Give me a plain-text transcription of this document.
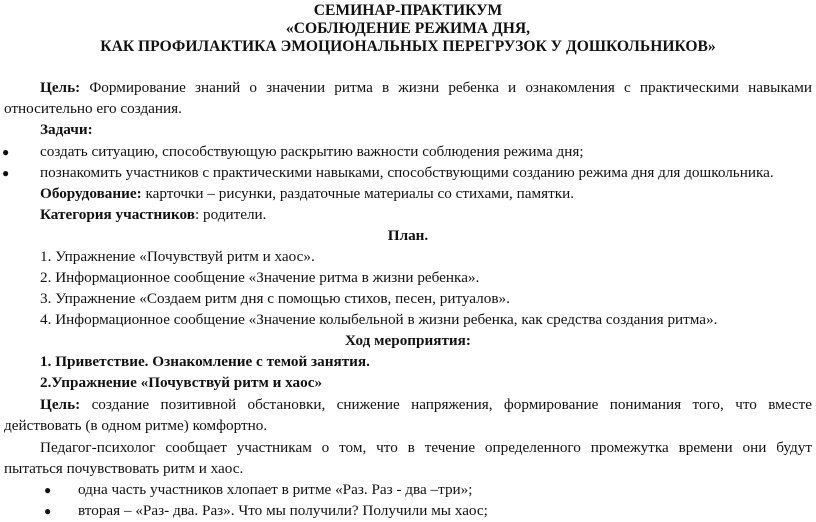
СЕМИНАР-ПРАКТИКУМ
«СОБЛЮДЕНИЕ РЕЖИМА ДНЯ,
КАК ПРОФИЛАКТИКА ЭМОЦИОНАЛЬНЫХ ПЕРЕГРУЗОК У ДОШКОЛЬНИКОВ»
Цель: Формирование знаний о значении ритма в жизни ребенка и ознакомления с практическими навыками
относительно его создания.
Задачи:
● создать ситуацию, способствующую раскрытию важности соблюдения режима дня;
● познакомить участников с практическими навыками, способствующими созданию режима дня для дошкольника.
Оборудование: карточки – рисунки, раздаточные материалы со стихами, памятки.
Категория участников: родители.
План.
1. Упражнение «Почувствуй ритм и хаос».
2. Информационное сообщение «Значение ритма в жизни ребенка».
3. Упражнение «Создаем ритм дня с помощью стихов, песен, ритуалов».
4. Информационное сообщение «Значение колыбельной в жизни ребенка, как средства создания ритма».
Ход мероприятия:
1. Приветствие. Ознакомление с темой занятия.
2.Упражнение «Почувствуй ритм и хаос»
Цель: создание позитивной обстановки, снижение напряжения, формирование понимания того, что вместе
действовать (в одном ритме) комфортно.
Педагог-психолог сообщает участникам о том, что в течение определенного промежутка времени они будут
пытаться почувствовать ритм и хаос.
● одна часть участников хлопает в ритме «Раз. Раз - два –три»;
● вторая – «Раз- два. Раз». Что мы получили? Получили мы хаос;
